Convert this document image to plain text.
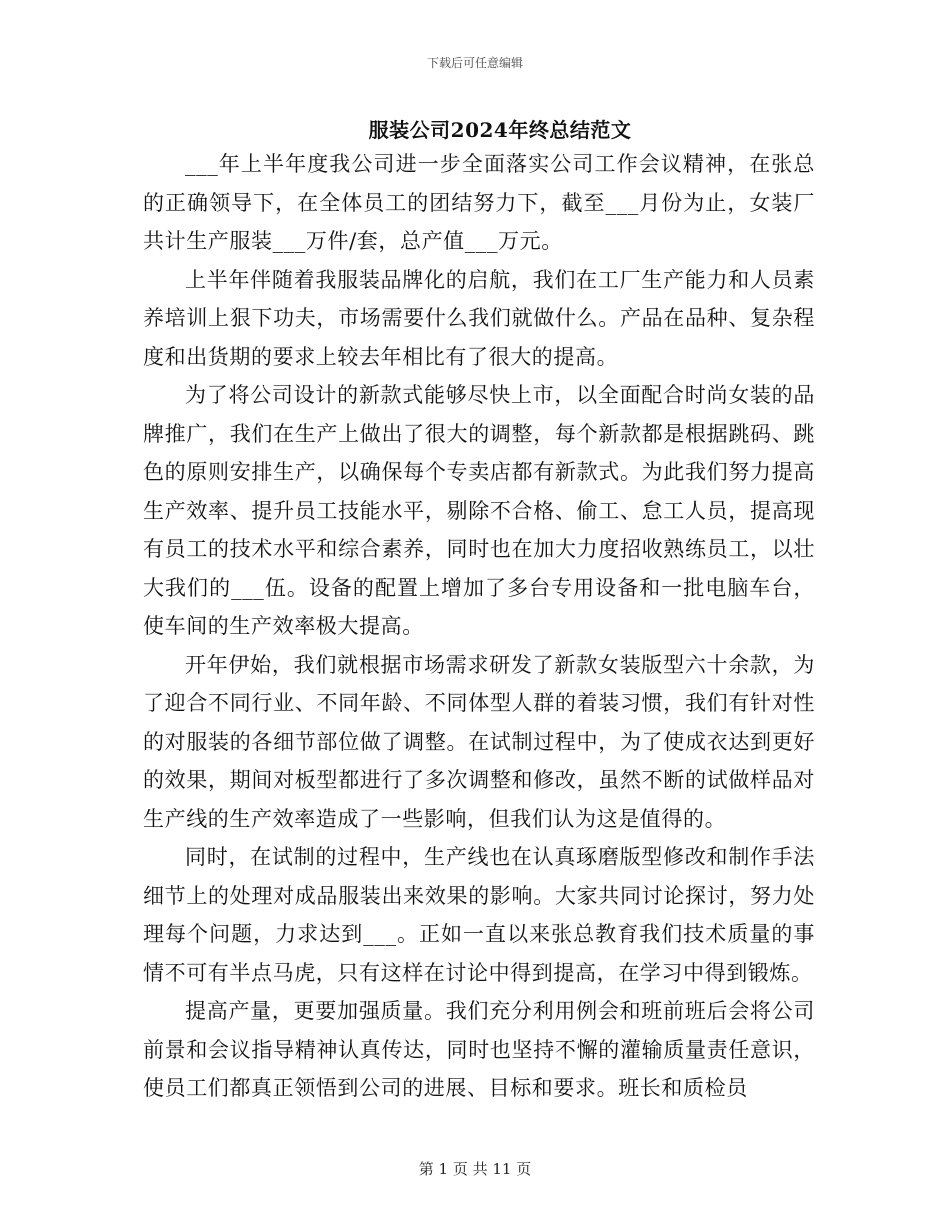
下载后可任意编辑
服装公司2024年终总结范文

___年上半年度我公司进一步全面落实公司工作会议精神，在张总的正确领导下，在全体员工的团结努力下，截至___月份为止，女装厂共计生产服装___万件/套，总产值___万元。

上半年伴随着我服装品牌化的启航，我们在工厂生产能力和人员素养培训上狠下功夫，市场需要什么我们就做什么。产品在品种、复杂程度和出货期的要求上较去年相比有了很大的提高。

为了将公司设计的新款式能够尽快上市，以全面配合时尚女装的品牌推广，我们在生产上做出了很大的调整，每个新款都是根据跳码、跳色的原则安排生产，以确保每个专卖店都有新款式。为此我们努力提高生产效率、提升员工技能水平，剔除不合格、偷工、怠工人员，提高现有员工的技术水平和综合素养，同时也在加大力度招收熟练员工，以壮大我们的___伍。设备的配置上增加了多台专用设备和一批电脑车台，使车间的生产效率极大提高。

开年伊始，我们就根据市场需求研发了新款女装版型六十余款，为了迎合不同行业、不同年龄、不同体型人群的着装习惯，我们有针对性的对服装的各细节部位做了调整。在试制过程中，为了使成衣达到更好的效果，期间对板型都进行了多次调整和修改，虽然不断的试做样品对生产线的生产效率造成了一些影响，但我们认为这是值得的。

同时，在试制的过程中，生产线也在认真琢磨版型修改和制作手法细节上的处理对成品服装出来效果的影响。大家共同讨论探讨，努力处理每个问题，力求达到___。正如一直以来张总教育我们技术质量的事情不可有半点马虎，只有这样在讨论中得到提高，在学习中得到锻炼。

提高产量，更要加强质量。我们充分利用例会和班前班后会将公司前景和会议指导精神认真传达，同时也坚持不懈的灌输质量责任意识，使员工们都真正领悟到公司的进展、目标和要求。班长和质检员

第 1 页 共 11 页
